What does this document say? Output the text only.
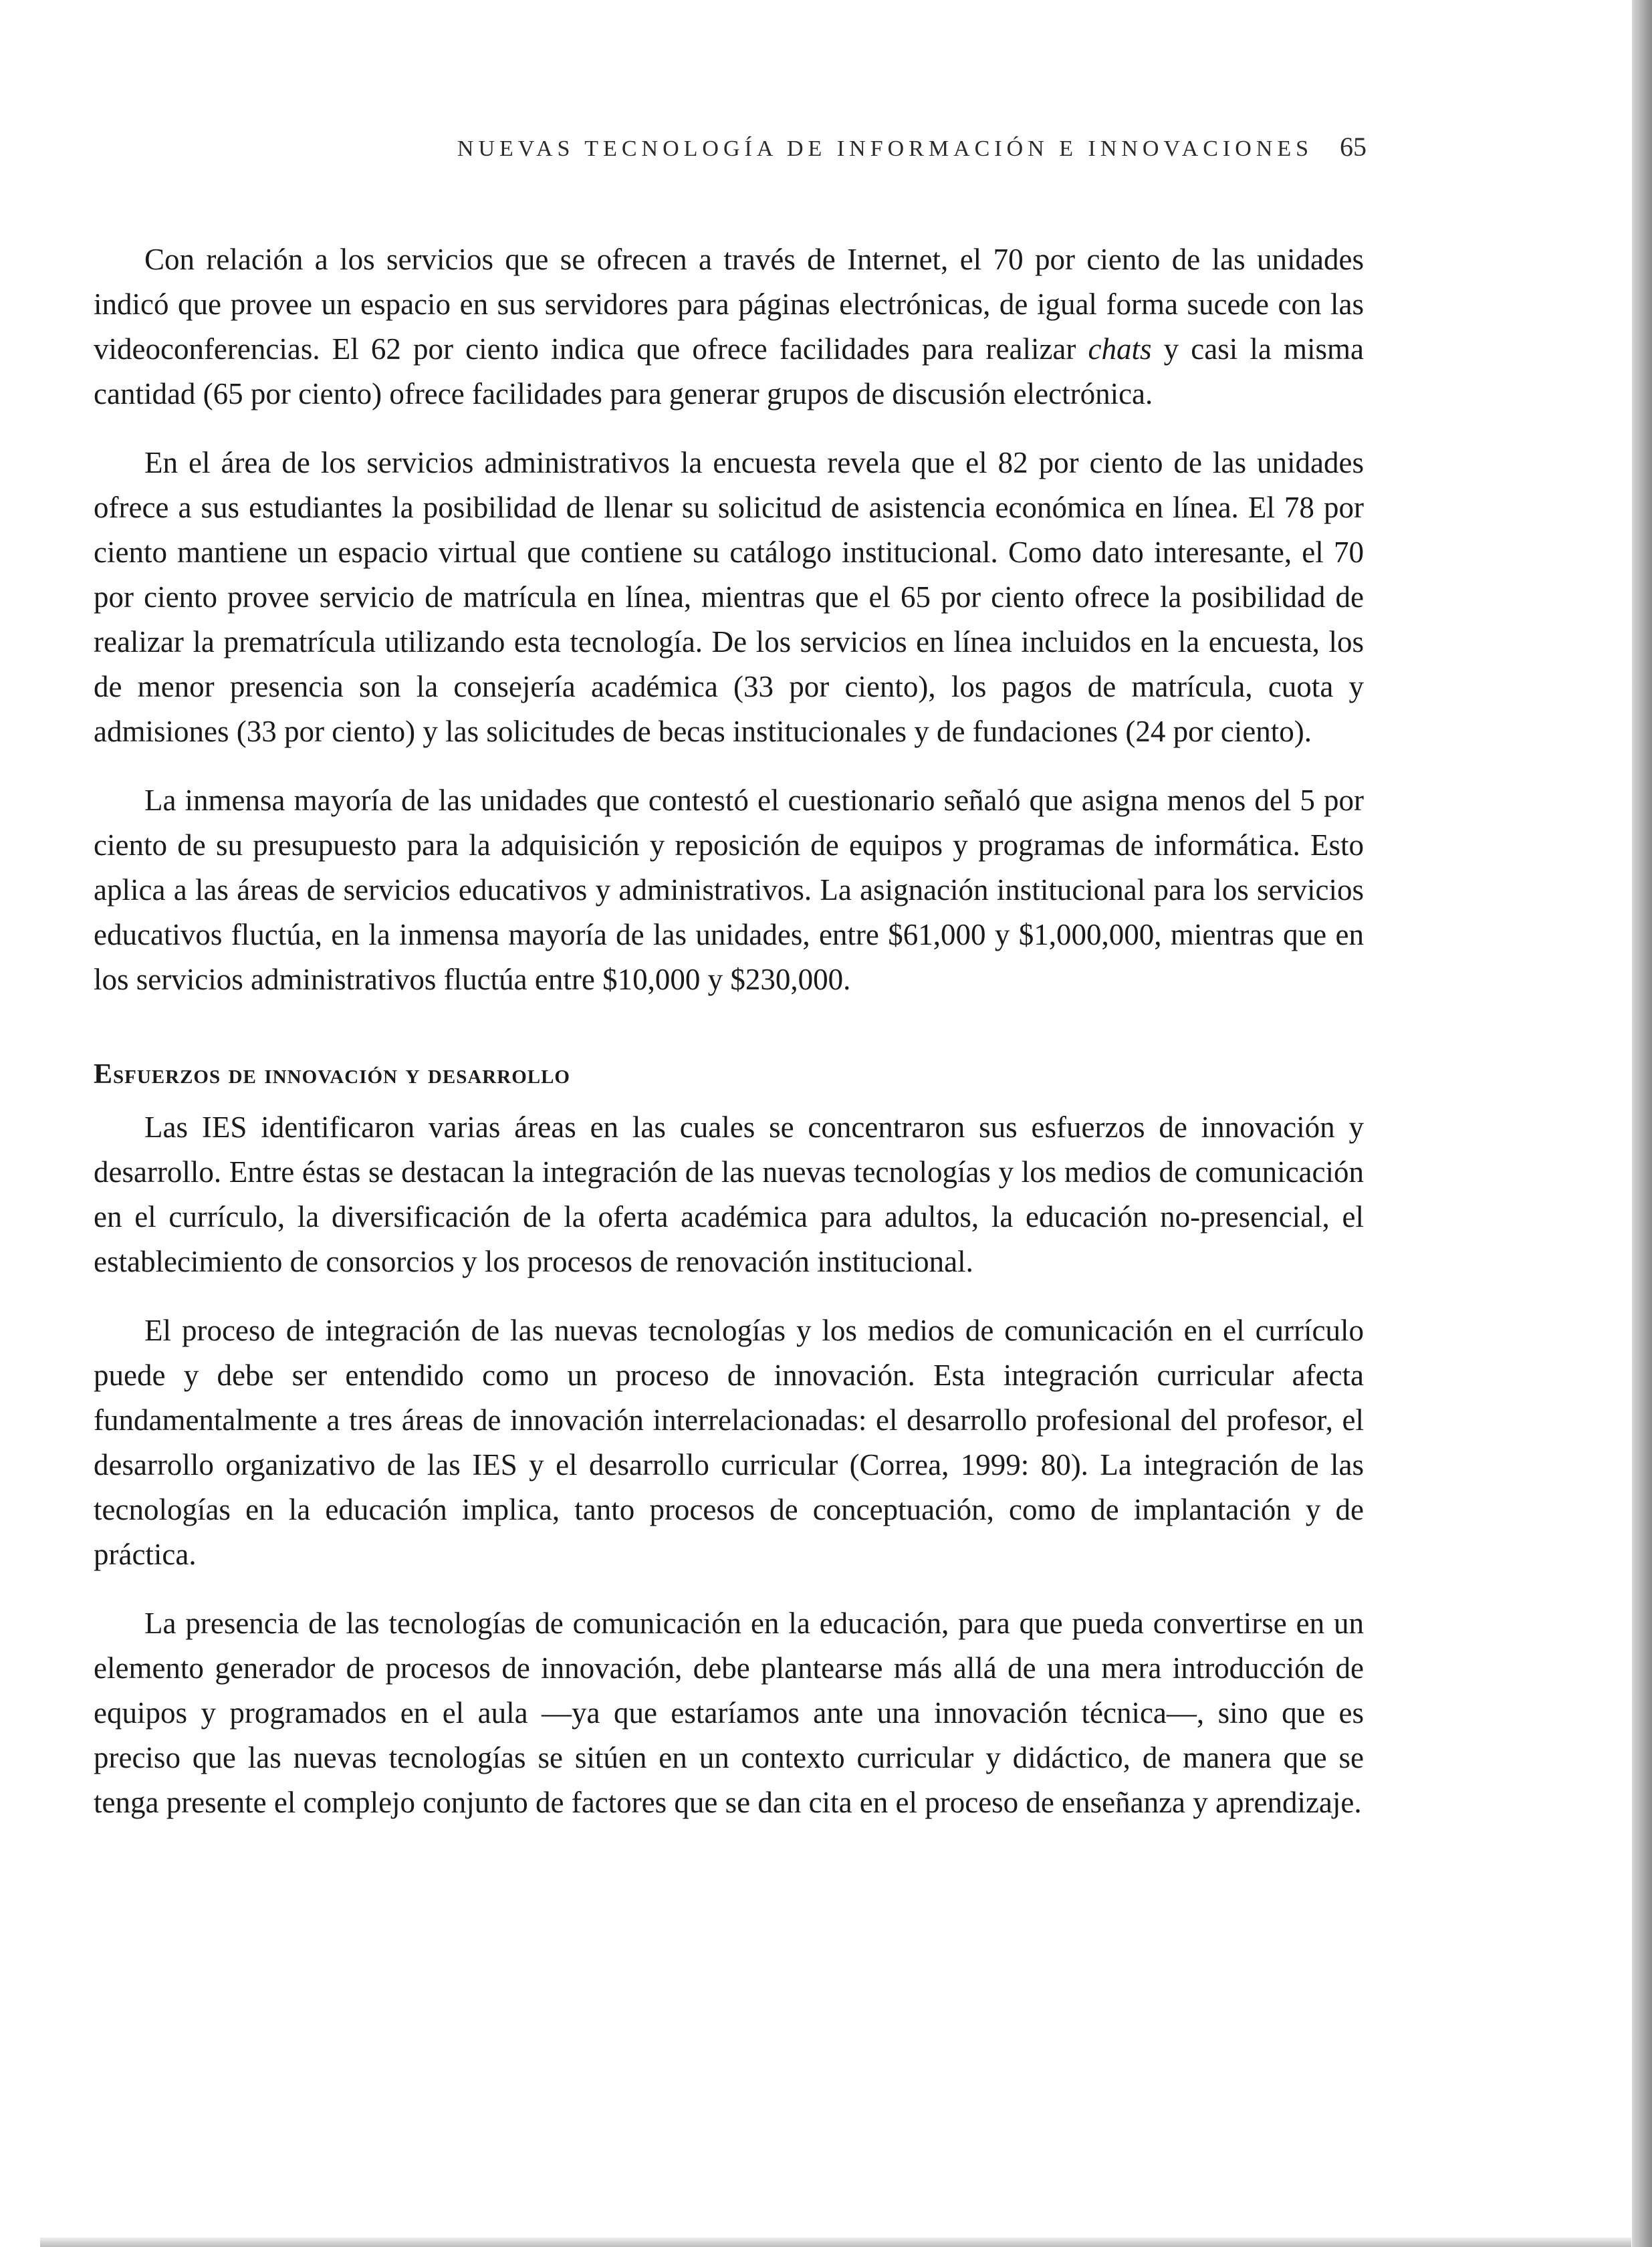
NUEVAS TECNOLOGÍA DE INFORMACIÓN E INNOVACIONES 65

Con relación a los servicios que se ofrecen a través de Internet, el 70 por ciento de las unidades indicó que provee un espacio en sus servidores para páginas electrónicas, de igual forma sucede con las videoconferencias. El 62 por ciento indica que ofrece facilidades para realizar chats y casi la misma cantidad (65 por ciento) ofrece facilidades para generar grupos de discusión electrónica.

En el área de los servicios administrativos la encuesta revela que el 82 por ciento de las unidades ofrece a sus estudiantes la posibilidad de llenar su solicitud de asistencia económica en línea. El 78 por ciento mantiene un espacio virtual que contiene su catálogo institucional. Como dato interesante, el 70 por ciento provee servicio de matrícula en línea, mientras que el 65 por ciento ofrece la posibilidad de realizar la prematrícula utilizando esta tecnología. De los servicios en línea incluidos en la encuesta, los de menor presencia son la consejería académica (33 por ciento), los pagos de matrícula, cuota y admisiones (33 por ciento) y las solicitudes de becas institucionales y de fundaciones (24 por ciento).

La inmensa mayoría de las unidades que contestó el cuestionario señaló que asigna menos del 5 por ciento de su presupuesto para la adquisición y reposición de equipos y programas de informática. Esto aplica a las áreas de servicios educativos y administrativos. La asignación institucional para los servicios educativos fluctúa, en la inmensa mayoría de las unidades, entre $61,000 y $1,000,000, mientras que en los servicios administrativos fluctúa entre $10,000 y $230,000.

Esfuerzos de innovación y desarrollo

Las IES identificaron varias áreas en las cuales se concentraron sus esfuerzos de innovación y desarrollo. Entre éstas se destacan la integración de las nuevas tecnologías y los medios de comunicación en el currículo, la diversificación de la oferta académica para adultos, la educación no-presencial, el establecimiento de consorcios y los procesos de renovación institucional.

El proceso de integración de las nuevas tecnologías y los medios de comunicación en el currículo puede y debe ser entendido como un proceso de innovación. Esta integración curricular afecta fundamentalmente a tres áreas de innovación interrelacionadas: el desarrollo profesional del profesor, el desarrollo organizativo de las IES y el desarrollo curricular (Correa, 1999: 80). La integración de las tecnologías en la educación implica, tanto procesos de conceptuación, como de implantación y de práctica.

La presencia de las tecnologías de comunicación en la educación, para que pueda convertirse en un elemento generador de procesos de innovación, debe plantearse más allá de una mera introducción de equipos y programados en el aula —ya que estaríamos ante una innovación técnica—, sino que es preciso que las nuevas tecnologías se sitúen en un contexto curricular y didáctico, de manera que se tenga presente el complejo conjunto de factores que se dan cita en el proceso de enseñanza y aprendizaje.
